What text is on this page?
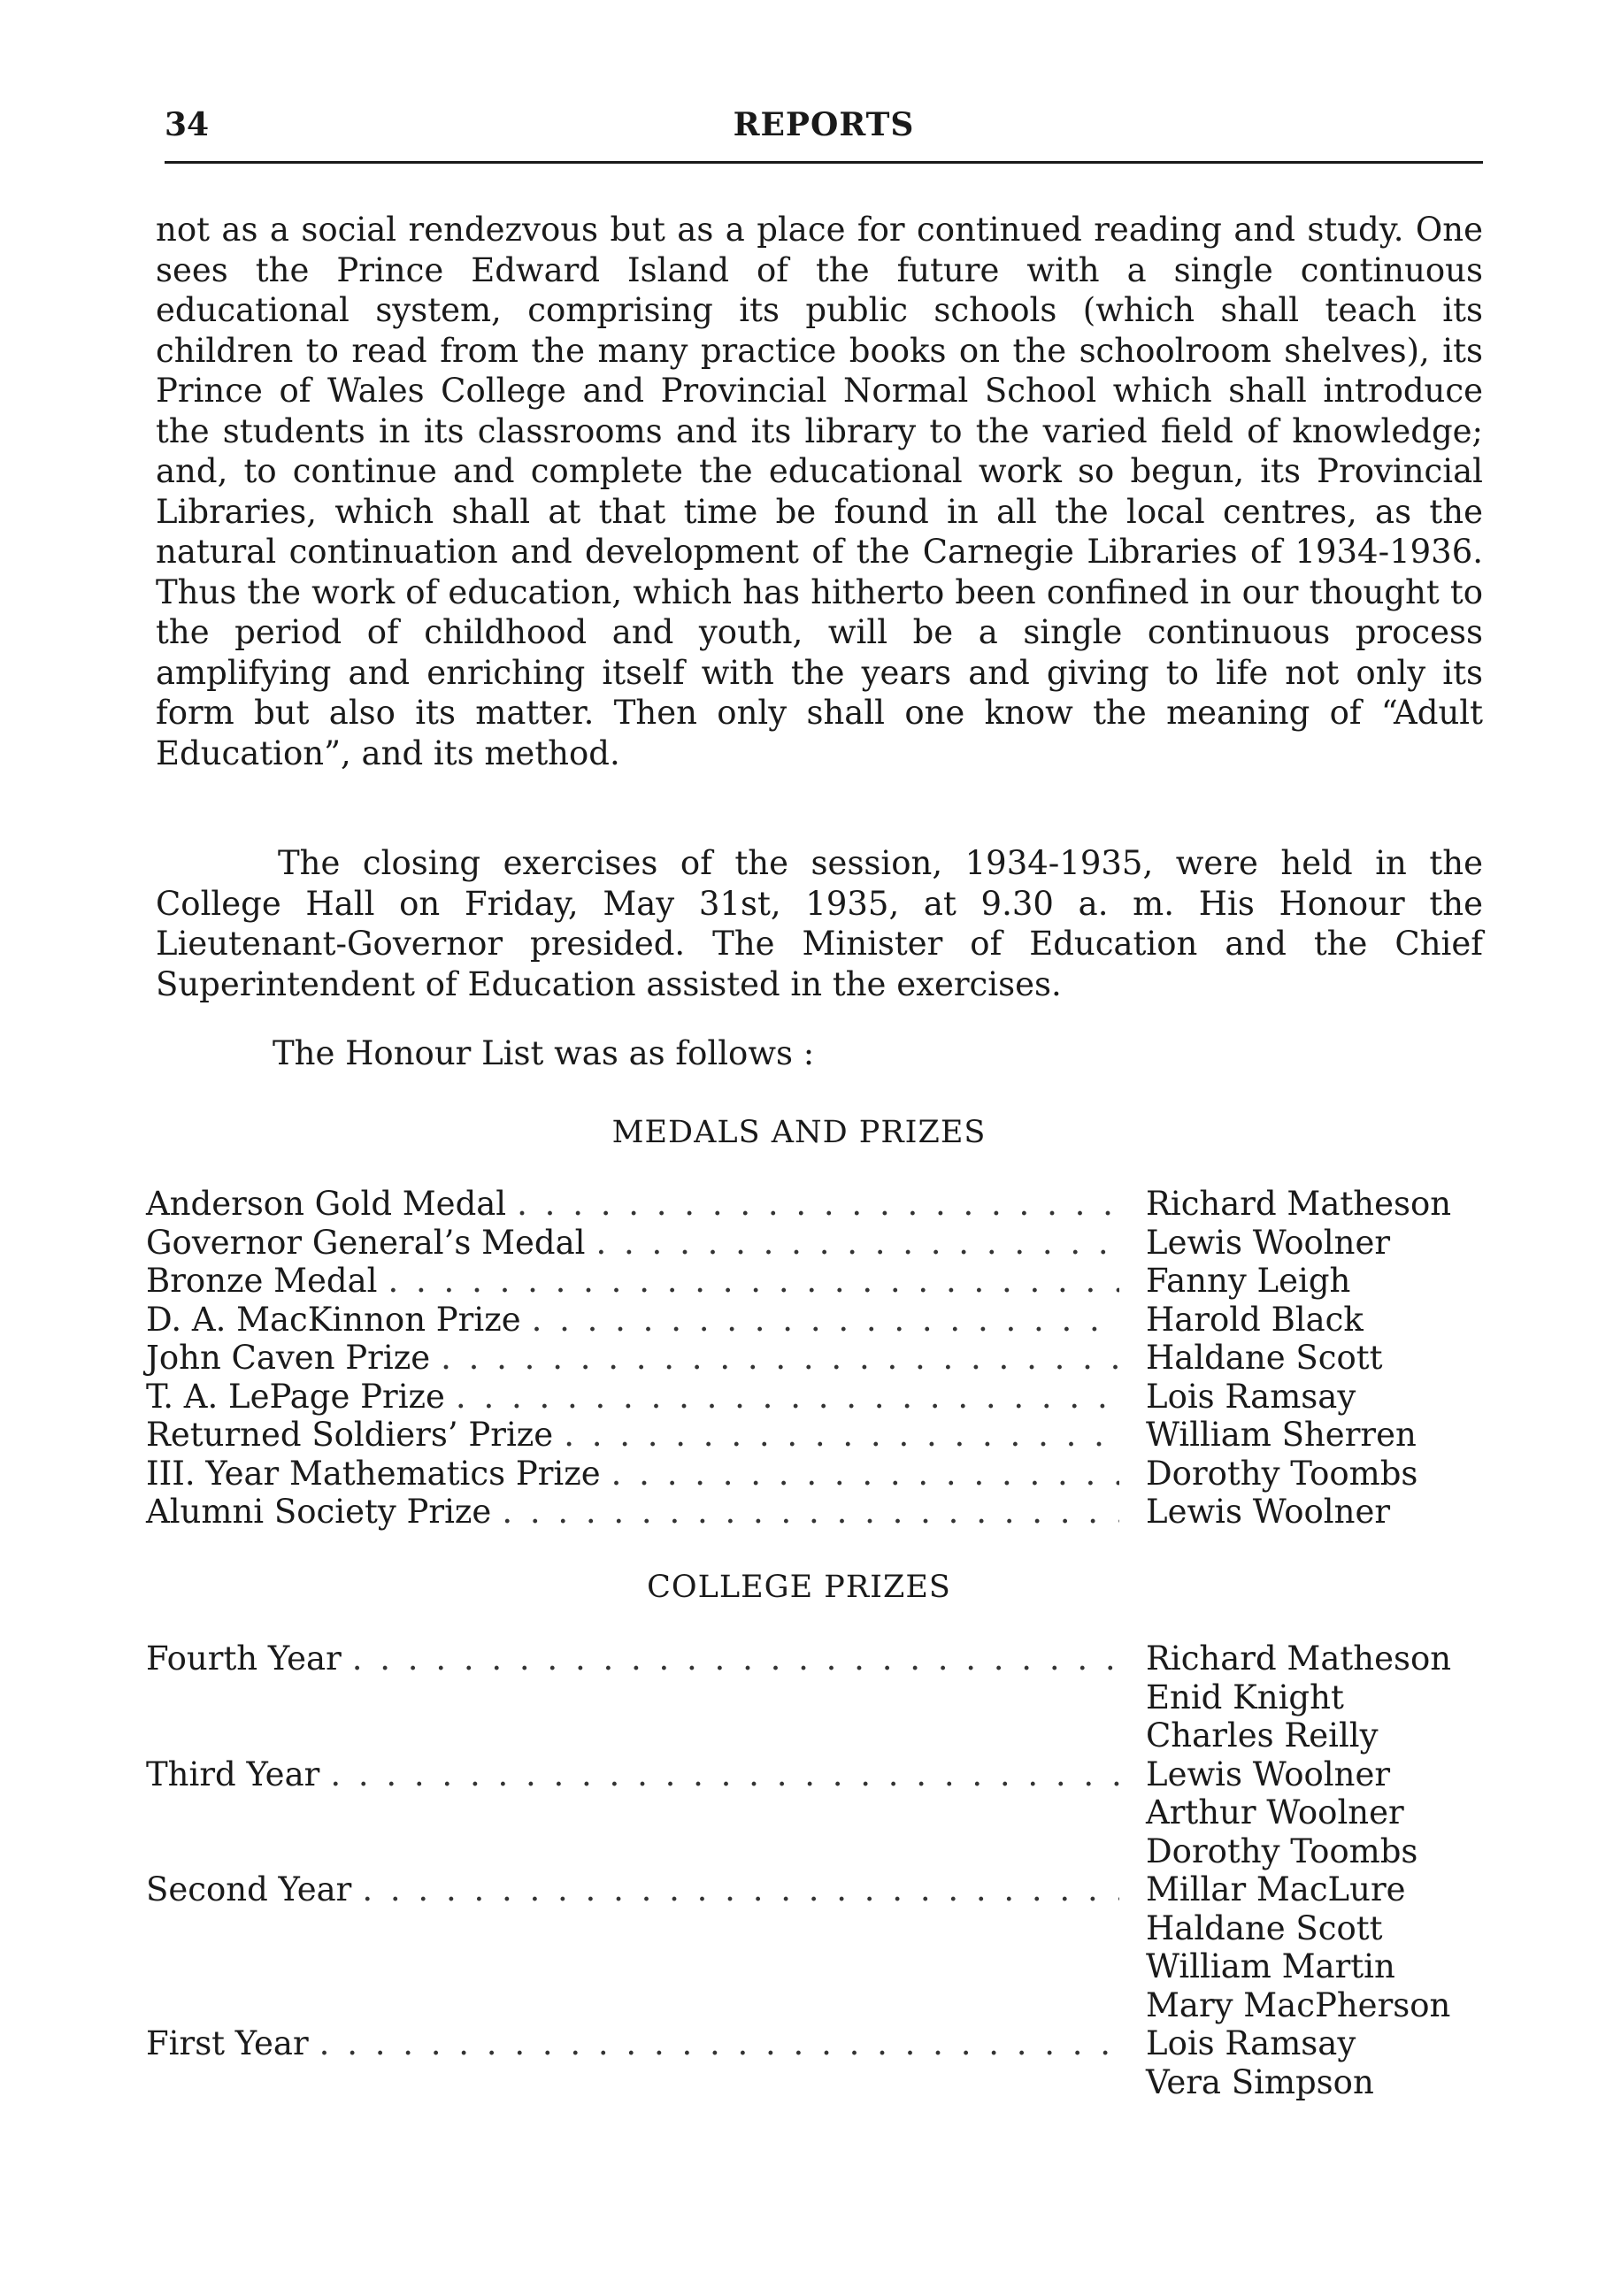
34	REPORTS

not as a social rendezvous but as a place for continued reading and study. One sees the Prince Edward Island of the future with a single continuous educational system, comprising its public schools (which shall teach its children to read from the many practice books on the schoolroom shelves), its Prince of Wales College and Provincial Normal School which shall introduce the students in its classrooms and its library to the varied field of knowledge; and, to continue and complete the educational work so begun, its Provincial Libraries, which shall at that time be found in all the local centres, as the natural continuation and development of the Carnegie Libraries of 1934-1936. Thus the work of education, which has hitherto been confined in our thought to the period of childhood and youth, will be a single continuous process amplifying and enriching itself with the years and giving to life not only its form but also its matter. Then only shall one know the meaning of “Adult Education”, and its method.

The closing exercises of the session, 1934-1935, were held in the College Hall on Friday, May 31st, 1935, at 9.30 a. m. His Honour the Lieutenant-Governor presided. The Minister of Education and the Chief Superintendent of Education assisted in the exercises.

The Honour List was as follows :

MEDALS AND PRIZES
Anderson Gold Medal . . .	Richard Matheson
Governor General’s Medal . . .	Lewis Woolner
Bronze Medal . . .	Fanny Leigh
D. A. MacKinnon Prize . . .	Harold Black
John Caven Prize . . .	Haldane Scott
T. A. LePage Prize . . .	Lois Ramsay
Returned Soldiers’ Prize . . .	William Sherren
III. Year Mathematics Prize . . .	Dorothy Toombs
Alumni Society Prize . . .	Lewis Woolner
COLLEGE PRIZES
Fourth Year . . .	Richard Matheson
Enid Knight
Charles Reilly
Third Year . . .	Lewis Woolner
Arthur Woolner
Dorothy Toombs
Second Year . . .	Millar MacLure
Haldane Scott
William Martin
Mary MacPherson
First Year . . .	Lois Ramsay
Vera Simpson
